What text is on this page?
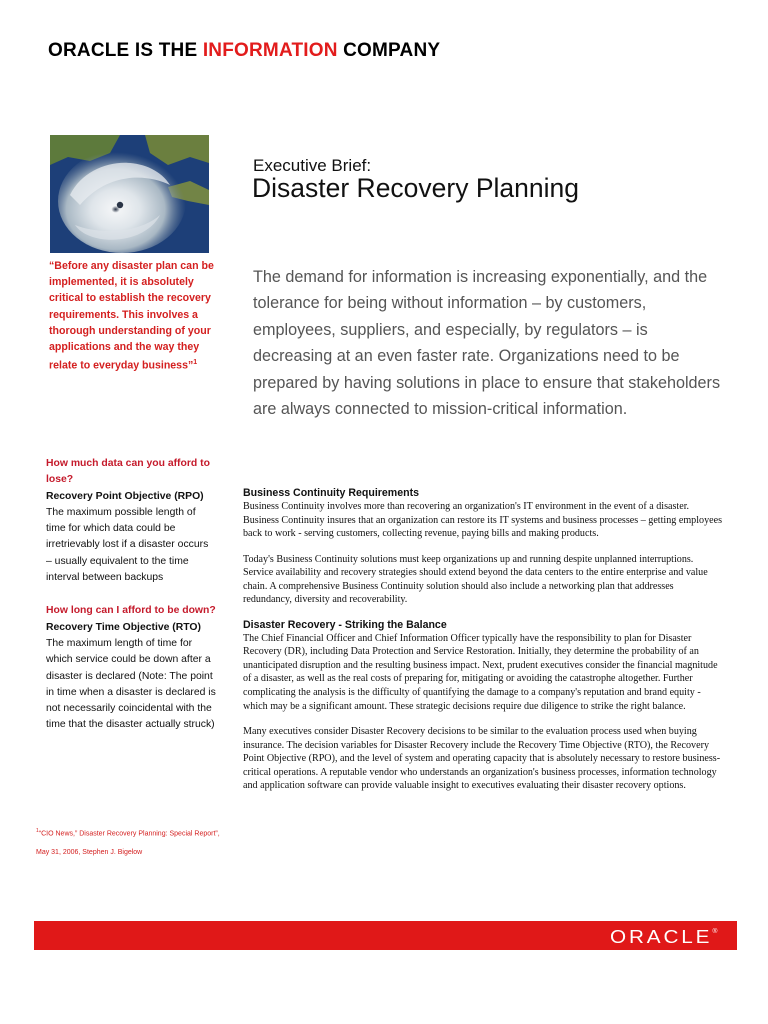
ORACLE IS THE INFORMATION COMPANY
“Before any disaster plan can be implemented, it is absolutely critical to establish the recovery requirements. This involves a thorough understanding of your applications and the way they relate to everyday business”$^1$
Executive Brief:
Disaster Recovery Planning
The demand for information is increasing exponentially, and the tolerance for being without information – by customers, employees, suppliers, and especially, by regulators – is decreasing at an even faster rate. Organizations need to be prepared by having solutions in place to ensure that stakeholders are always connected to mission-critical information.
How much data can you afford to lose?
Recovery Point Objective (RPO)
The maximum possible length of time for which data could be irretrievably lost if a disaster occurs – usually equivalent to the time interval between backups
How long can I afford to be down?
Recovery Time Objective (RTO)
The maximum length of time for which service could be down after a disaster is declared (Note: The point in time when a disaster is declared is not necessarily coincidental with the time that the disaster actually struck)
$^1$“CIO News,” Disaster Recovery Planning: Special Report”, May 31, 2006, Stephen J. Bigelow
Business Continuity Requirements

Business Continuity involves more than recovering an organization's IT environment in the event of a disaster. Business Continuity insures that an organization can restore its IT systems and business processes – getting employees back to work - serving customers, collecting revenue, paying bills and making products.

Today's Business Continuity solutions must keep organizations up and running despite unplanned interruptions. Service availability and recovery strategies should extend beyond the data centers to the entire enterprise and value chain. A comprehensive Business Continuity solution should also include a networking plan that addresses redundancy, diversity and recoverability.

Disaster Recovery - Striking the Balance

The Chief Financial Officer and Chief Information Officer typically have the responsibility to plan for Disaster Recovery (DR), including Data Protection and Service Restoration. Initially, they determine the probability of an unanticipated disruption and the resulting business impact. Next, prudent executives consider the financial magnitude of a disaster, as well as the real costs of preparing for, mitigating or avoiding the catastrophe altogether. Further complicating the analysis is the difficulty of quantifying the damage to a company's reputation and brand equity - which may be a significant amount. These strategic decisions require due diligence to strike the right balance.

Many executives consider Disaster Recovery decisions to be similar to the evaluation process used when buying insurance. The decision variables for Disaster Recovery include the Recovery Time Objective (RTO), the Recovery Point Objective (RPO), and the level of system and operating capacity that is absolutely necessary to restore business-critical operations. A reputable vendor who understands an organization's business processes, information technology and application software can provide valuable insight to executives evaluating their disaster recovery options.

ORACLE®
